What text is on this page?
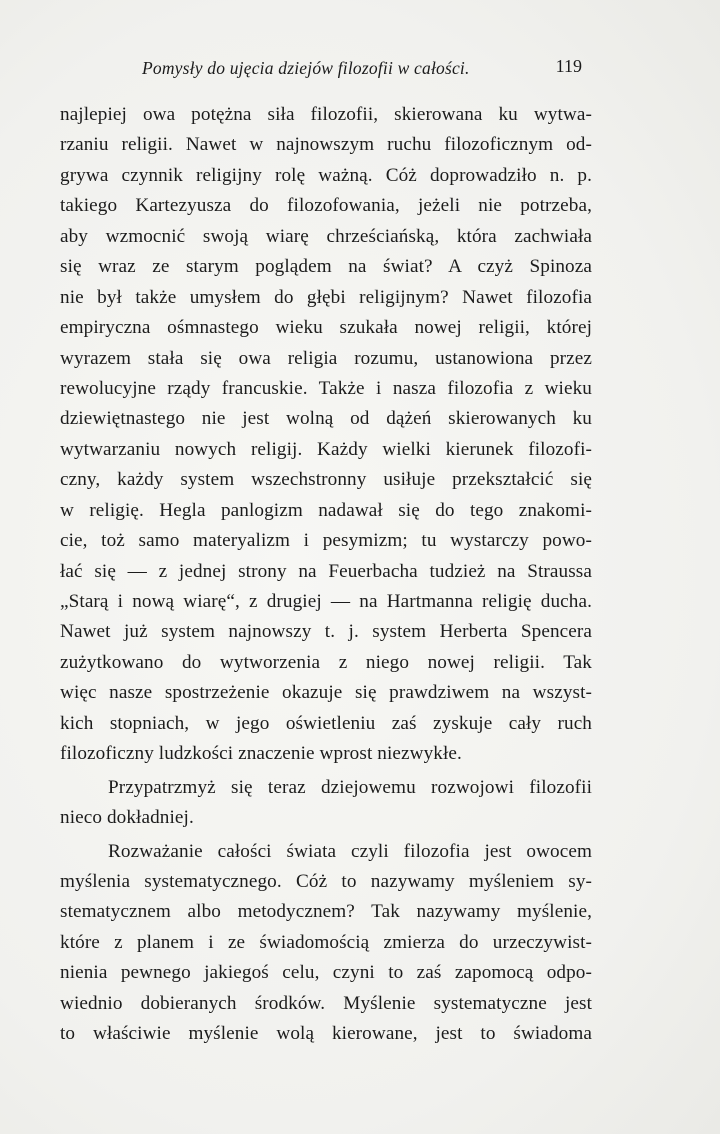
Pomysły do ujęcia dziejów filozofii w całości.	119
najlepiej owa potężna siła filozofii, skierowana ku wytwa-
rzaniu religii. Nawet w najnowszym ruchu filozoficznym od-
grywa czynnik religijny rolę ważną. Cóż doprowadziło n. p.
takiego Kartezyusza do filozofowania, jeżeli nie potrzeba,
aby wzmocnić swoją wiarę chrześciańską, która zachwiała
się wraz ze starym poglądem na świat? A czyż Spinoza
nie był także umysłem do głębi religijnym? Nawet filozofia
empiryczna ośmnastego wieku szukała nowej religii, której
wyrazem stała się owa religia rozumu, ustanowiona przez
rewolucyjne rządy francuskie. Także i nasza filozofia z wieku
dziewiętnastego nie jest wolną od dążeń skierowanych ku
wytwarzaniu nowych religij. Każdy wielki kierunek filozofi-
czny, każdy system wszechstronny usiłuje przekształcić się
w religię. Hegla panlogizm nadawał się do tego znakomi-
cie, toż samo materyalizm i pesymizm; tu wystarczy powo-
łać się — z jednej strony na Feuerbacha tudzież na Straussa
„Starą i nową wiarę“, z drugiej — na Hartmanna religię ducha.
Nawet już system najnowszy t. j. system Herberta Spencera
zużytkowano do wytworzenia z niego nowej religii. Tak
więc nasze spostrzeżenie okazuje się prawdziwem na wszyst-
kich stopniach, w jego oświetleniu zaś zyskuje cały ruch
filozoficzny ludzkości znaczenie wprost niezwykłe.
Przypatrzmyż się teraz dziejowemu rozwojowi filozofii
nieco dokładniej.
Rozważanie całości świata czyli filozofia jest owocem
myślenia systematycznego. Cóż to nazywamy myśleniem sy-
stematycznem albo metodycznem? Tak nazywamy myślenie,
które z planem i ze świadomością zmierza do urzeczywist-
nienia pewnego jakiegoś celu, czyni to zaś zapomocą odpo-
wiednio dobieranych środków. Myślenie systematyczne jest
to właściwie myślenie wolą kierowane, jest to świadoma
